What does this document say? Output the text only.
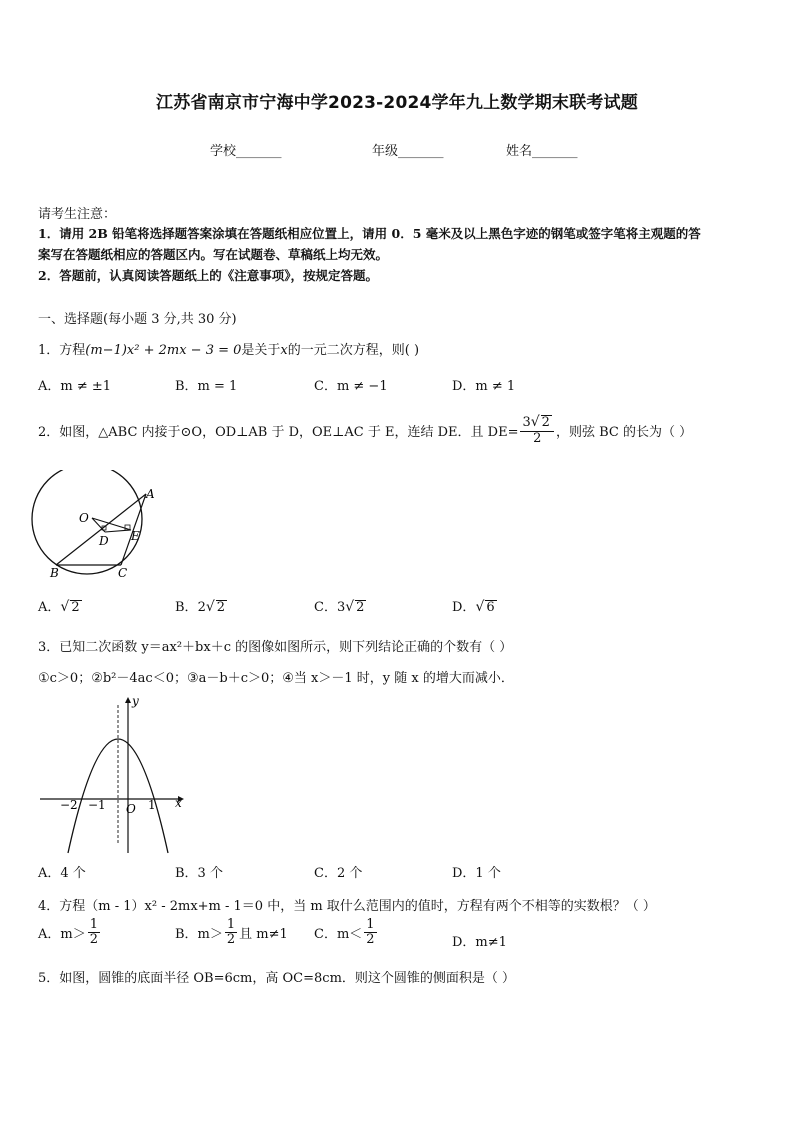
江苏省南京市宁海中学2023-2024学年九上数学期末联考试题
学校_______	年级_______	姓名_______
请考生注意：
1．请用 2B 铅笔将选择题答案涂填在答题纸相应位置上，请用 0．5 毫米及以上黑色字迹的钢笔或签字笔将主观题的答
案写在答题纸相应的答题区内。写在试题卷、草稿纸上均无效。
2．答题前，认真阅读答题纸上的《注意事项》，按规定答题。
一、选择题(每小题 3 分,共 30 分)
1．方程(m−1)x² + 2mx − 3 = 0是关于x的一元二次方程，则( )
A．m ≠ ±1	B．m = 1	C．m ≠ −1	D．m ≠ 1
2．如图，△ABC 内接于⊙O，OD⊥AB 于 D，OE⊥AC 于 E，连结 DE．且 $DE= \frac{3√ 2}{2}$ ，则弦 BC 的长为（ ）
A
O
D E
B	C
A．√ 2	B．2√ 2	C．3√ 2	D．√ 6
3．已知二次函数 y＝ax²＋bx＋c 的图像如图所示，则下列结论正确的个数有（ ）
①c＞0；②b²－4ac＜0；③a－b＋c＞0；④当 x＞－1 时，y 随 x 的增大而减小．
y
x
O 1
−1
−2
A．4 个	B．3 个	C．2 个	D．1 个
4．方程（m - 1）x² - 2mx+m - 1＝0 中，当 m 取什么范围内的值时，方程有两个不相等的实数根？（ ）
A．$m> \frac{1}{2}$	B．$m> \frac{1}{2}$ 且 m≠1 C．$m< \frac{1}{2}$	D．m≠1
5．如图，圆锥的底面半径 OB=6cm，高 OC=8cm．则这个圆锥的侧面积是（ ）
